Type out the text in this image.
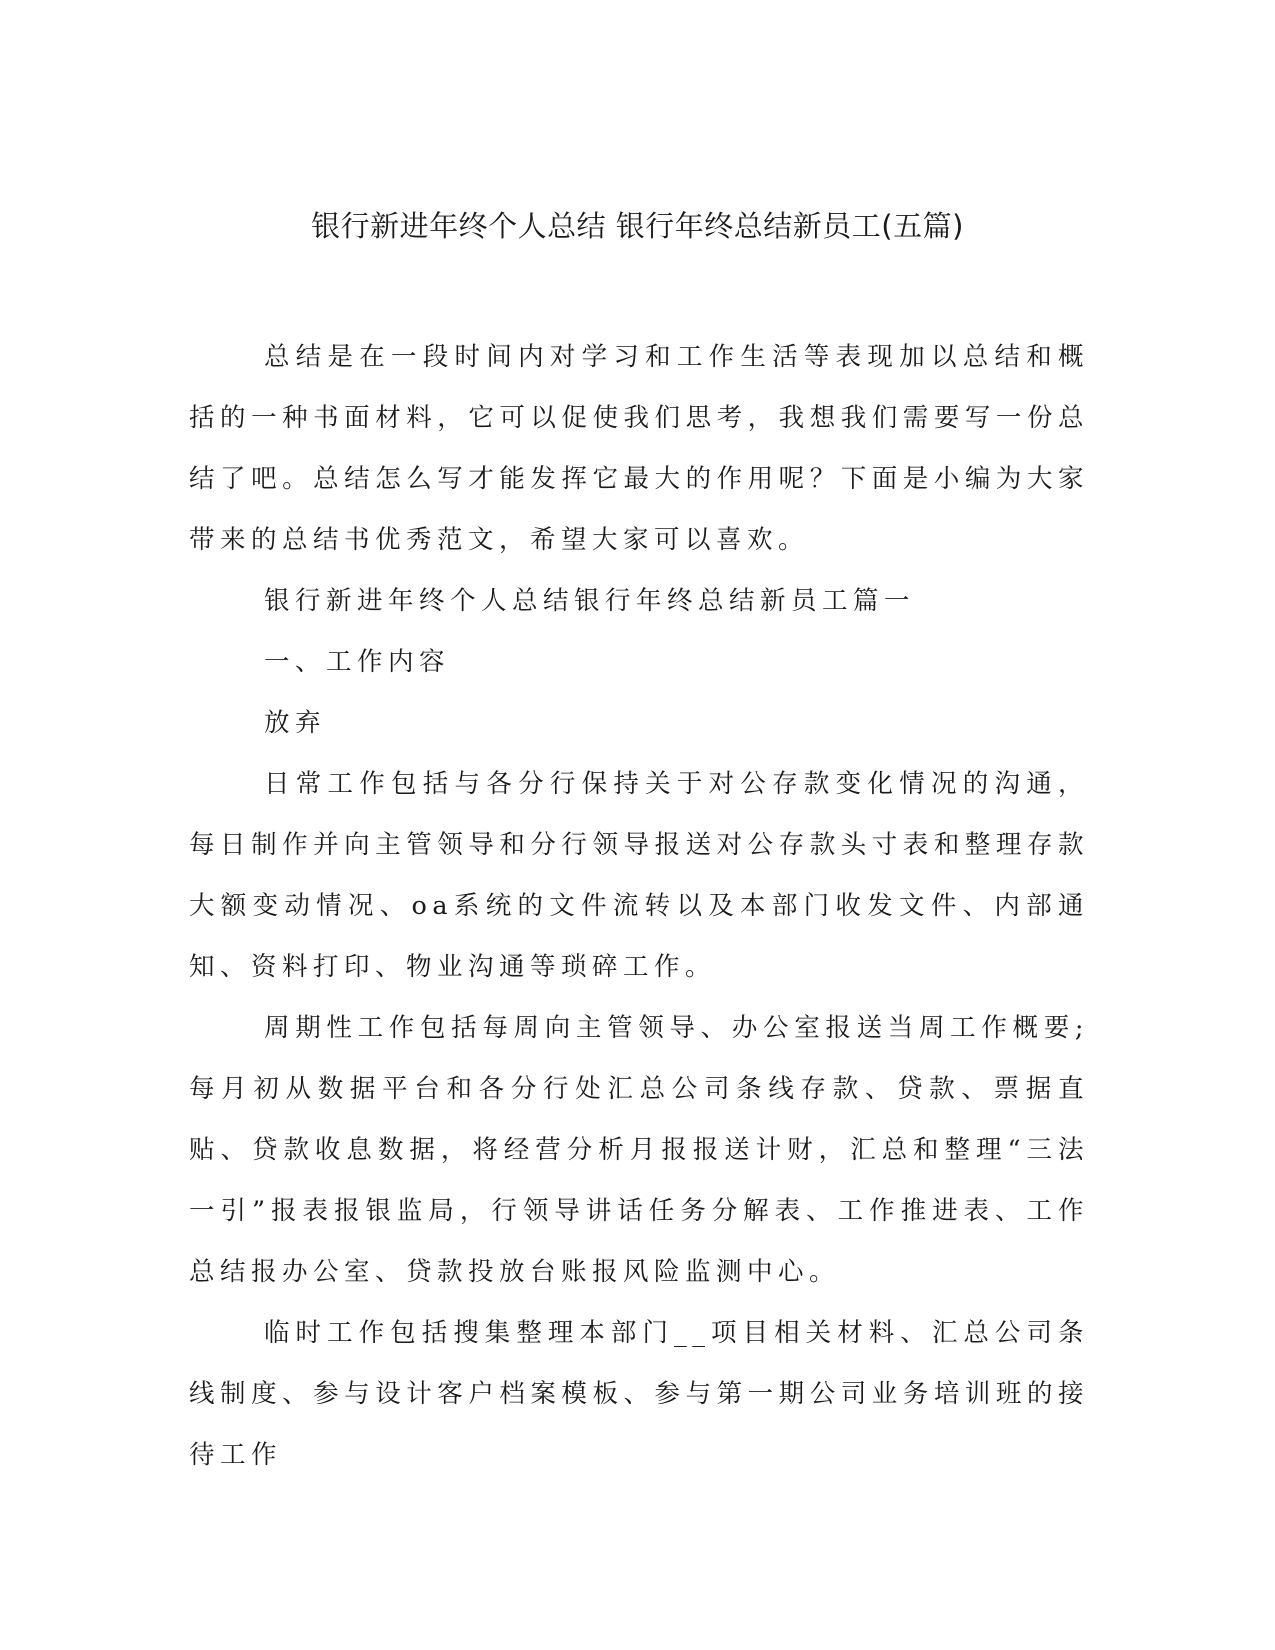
银行新进年终个人总结 银行年终总结新员工(五篇)

总结是在一段时间内对学习和工作生活等表现加以总结和概括的一种书面材料，它可以促使我们思考，我想我们需要写一份总结了吧。总结怎么写才能发挥它最大的作用呢？下面是小编为大家带来的总结书优秀范文，希望大家可以喜欢。

银行新进年终个人总结银行年终总结新员工篇一

一、工作内容

放弃

日常工作包括与各分行保持关于对公存款变化情况的沟通，每日制作并向主管领导和分行领导报送对公存款头寸表和整理存款大额变动情况、oa系统的文件流转以及本部门收发文件、内部通知、资料打印、物业沟通等琐碎工作。

周期性工作包括每周向主管领导、办公室报送当周工作概要;每月初从数据平台和各分行处汇总公司条线存款、贷款、票据直贴、贷款收息数据，将经营分析月报报送计财，汇总和整理“三法一引”报表报银监局，行领导讲话任务分解表、工作推进表、工作总结报办公室、贷款投放台账报风险监测中心。

临时工作包括搜集整理本部门__项目相关材料、汇总公司条线制度、参与设计客户档案模板、参与第一期公司业务培训班的接待工作
